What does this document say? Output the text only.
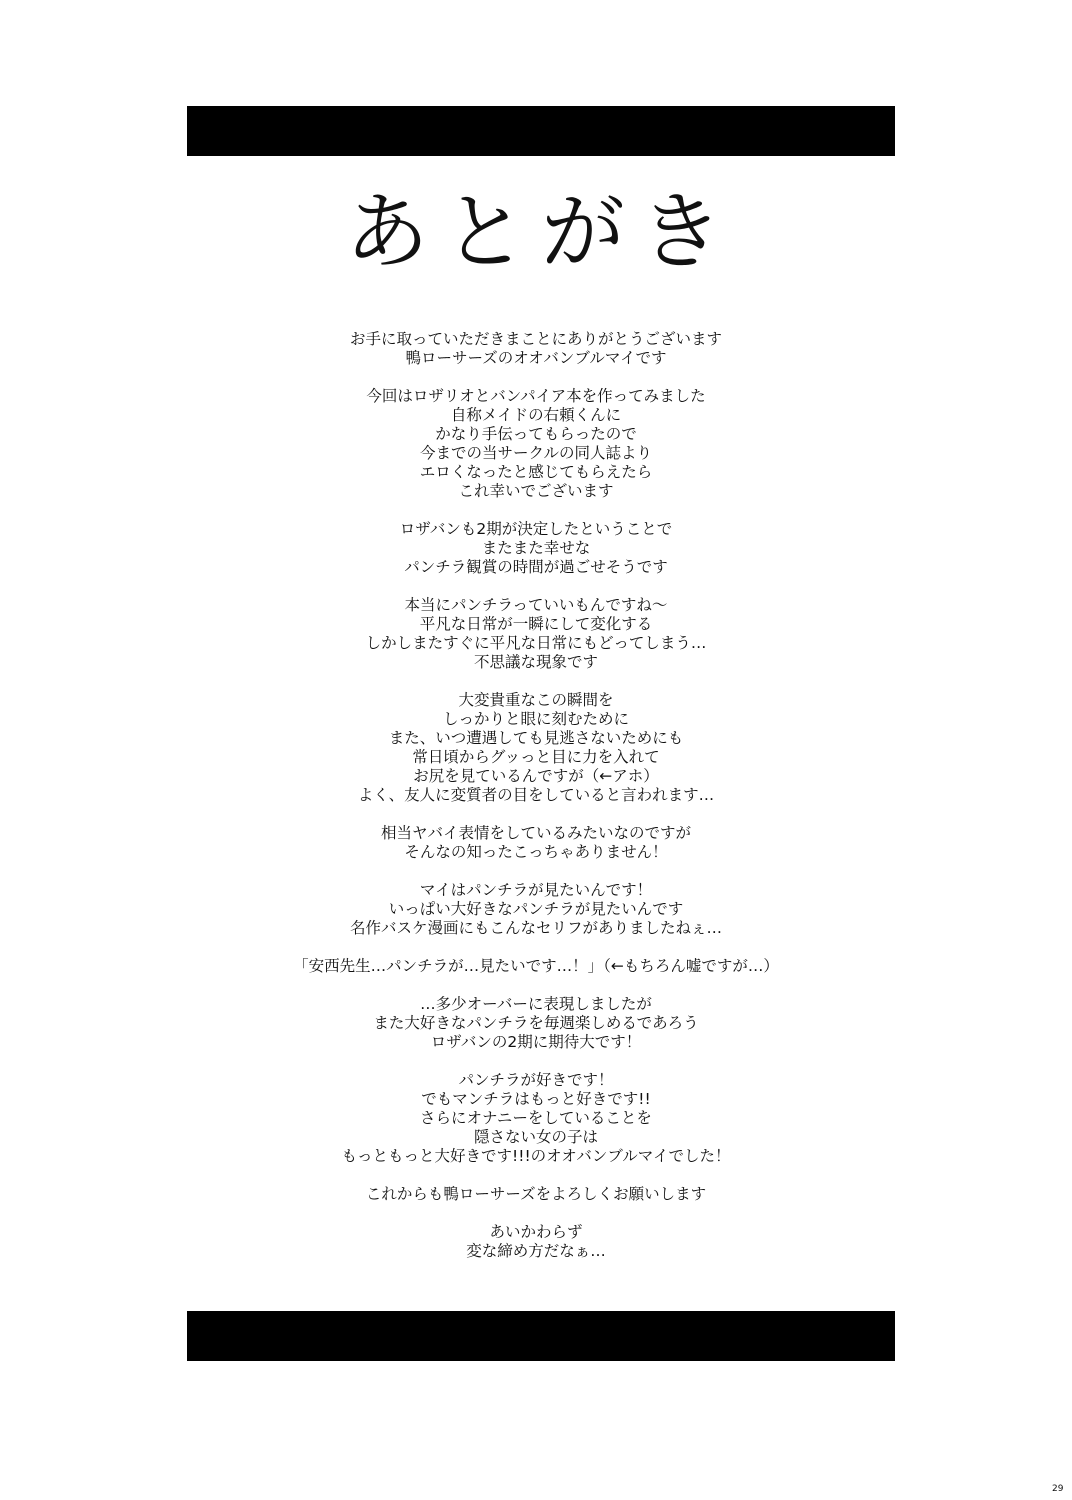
あとがき
お手に取っていただきまことにありがとうございます
鴨ローサーズのオオバンブルマイです
今回はロザリオとバンパイア本を作ってみました
自称メイドの右頼くんに
かなり手伝ってもらったので
今までの当サークルの同人誌より
エロくなったと感じてもらえたら
これ幸いでございます
ロザバンも2期が決定したということで
またまた幸せな
パンチラ観賞の時間が過ごせそうです
本当にパンチラっていいもんですね～
平凡な日常が一瞬にして変化する
しかしまたすぐに平凡な日常にもどってしまう…
不思議な現象です
大変貴重なこの瞬間を
しっかりと眼に刻むために
また、いつ遭遇しても見逃さないためにも
常日頃からグッっと目に力を入れて
お尻を見ているんですが（←アホ）
よく、友人に変質者の目をしていると言われます…
相当ヤバイ表情をしているみたいなのですが
そんなの知ったこっちゃありません！
マイはパンチラが見たいんです！
いっぱい大好きなパンチラが見たいんです
名作バスケ漫画にもこんなセリフがありましたねぇ…
「安西先生…パンチラが…見たいです…！」（←もちろん嘘ですが…）
…多少オーバーに表現しましたが
また大好きなパンチラを毎週楽しめるであろう
ロザバンの2期に期待大です！
パンチラが好きです！
でもマンチラはもっと好きです!!
さらにオナニーをしていることを
隠さない女の子は
もっともっと大好きです!!!のオオバンブルマイでした！
これからも鴨ローサーズをよろしくお願いします
あいかわらず
変な締め方だなぁ…
29
